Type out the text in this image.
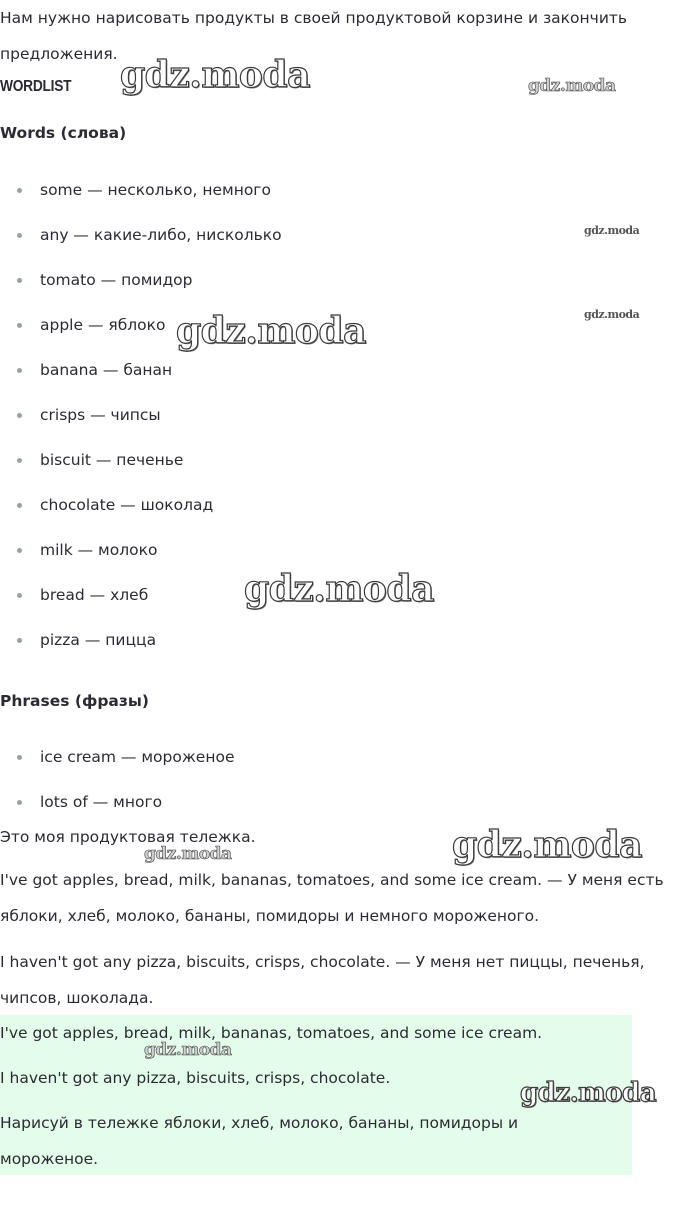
Нам нужно нарисовать продукты в своей продуктовой корзине и закончить предложения.

WORDLIST
Words (слова)
some — несколько, немного
any — какие-либо, нисколько
tomato — помидор
apple — яблоко
banana — банан
crisps — чипсы
biscuit — печенье
chocolate — шоколад
milk — молоко
bread — хлеб
pizza — пицца
Phrases (фразы)
ice cream — мороженое
lots of — много

Это моя продуктовая тележка.

I've got apples, bread, milk, bananas, tomatoes, and some ice cream. — У меня есть яблоки, хлеб, молоко, бананы, помидоры и немного мороженого.

I haven't got any pizza, biscuits, crisps, chocolate. — У меня нет пиццы, печенья, чипсов, шоколада.

I've got apples, bread, milk, bananas, tomatoes, and some ice cream.

I haven't got any pizza, biscuits, crisps, chocolate.

Нарисуй в тележке яблоки, хлеб, молоко, бананы, помидоры и мороженое.

gdz.moda	gdz.moda
gdz.moda
gdz.moda	gdz.moda
gdz.moda
gdz.moda
gdz.moda
gdz.moda
gdz.moda
